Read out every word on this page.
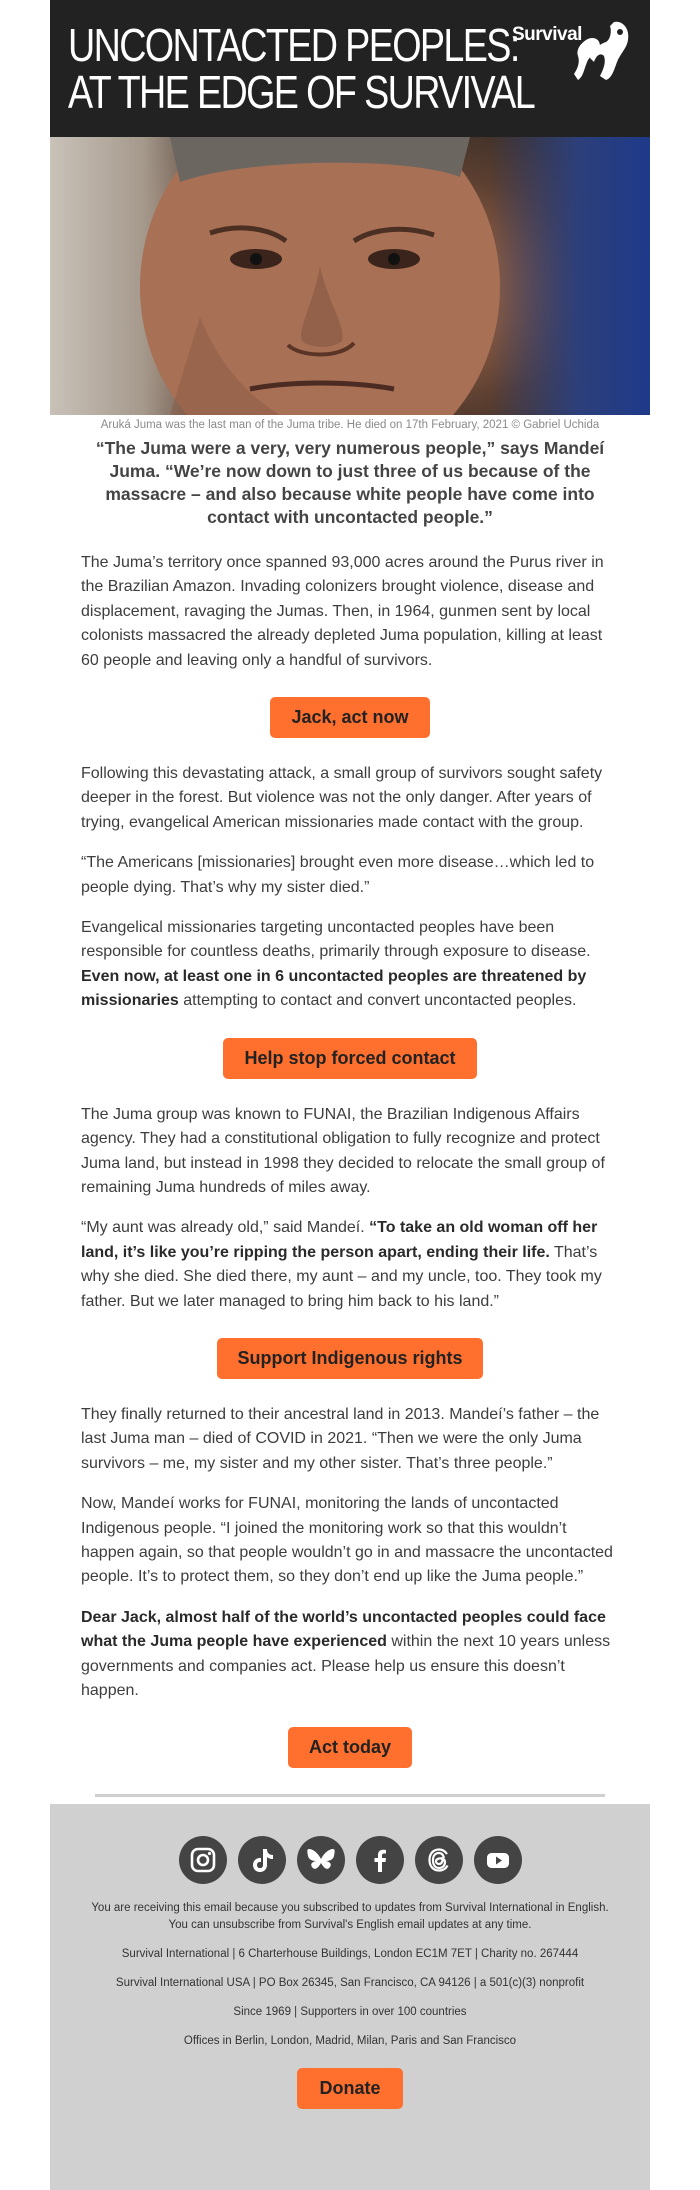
UNCONTACTED PEOPLES:
AT THE EDGE OF SURVIVAL
Survival
Aruká Juma was the last man of the Juma tribe. He died on 17th February, 2021 © Gabriel Uchida
“The Juma were a very, very numerous people,” says Mandeí Juma. “We’re now down to just three of us because of the massacre – and also because white people have come into contact with uncontacted people.”

The Juma’s territory once spanned 93,000 acres around the Purus river in the Brazilian Amazon. Invading colonizers brought violence, disease and displacement, ravaging the Jumas. Then, in 1964, gunmen sent by local colonists massacred the already depleted Juma population, killing at least 60 people and leaving only a handful of survivors.

Jack, act now

Following this devastating attack, a small group of survivors sought safety deeper in the forest. But violence was not the only danger. After years of trying, evangelical American missionaries made contact with the group.

“The Americans [missionaries] brought even more disease…which led to people dying. That’s why my sister died.”

Evangelical missionaries targeting uncontacted peoples have been responsible for countless deaths, primarily through exposure to disease. Even now, at least one in 6 uncontacted peoples are threatened by missionaries attempting to contact and convert uncontacted peoples.

Help stop forced contact

The Juma group was known to FUNAI, the Brazilian Indigenous Affairs agency. They had a constitutional obligation to fully recognize and protect Juma land, but instead in 1998 they decided to relocate the small group of remaining Juma hundreds of miles away.

“My aunt was already old,” said Mandeí. “To take an old woman off her land, it’s like you’re ripping the person apart, ending their life. That’s why she died. She died there, my aunt – and my uncle, too. They took my father. But we later managed to bring him back to his land.”

Support Indigenous rights

They finally returned to their ancestral land in 2013. Mandeí’s father – the last Juma man – died of COVID in 2021. “Then we were the only Juma survivors – me, my sister and my other sister. That’s three people.”

Now, Mandeí works for FUNAI, monitoring the lands of uncontacted Indigenous people. “I joined the monitoring work so that this wouldn’t happen again, so that people wouldn’t go in and massacre the uncontacted people. It’s to protect them, so they don’t end up like the Juma people.”

Dear Jack, almost half of the world’s uncontacted peoples could face what the Juma people have experienced within the next 10 years unless governments and companies act. Please help us ensure this doesn’t happen.

Act today

You are receiving this email because you subscribed to updates from Survival International in English.

You can unsubscribe from Survival's English email updates at any time.

Survival International | 6 Charterhouse Buildings, London EC1M 7ET | Charity no. 267444

Survival International USA | PO Box 26345, San Francisco, CA 94126 | a 501(c)(3) nonprofit

Since 1969 | Supporters in over 100 countries

Offices in Berlin, London, Madrid, Milan, Paris and San Francisco

Donate
